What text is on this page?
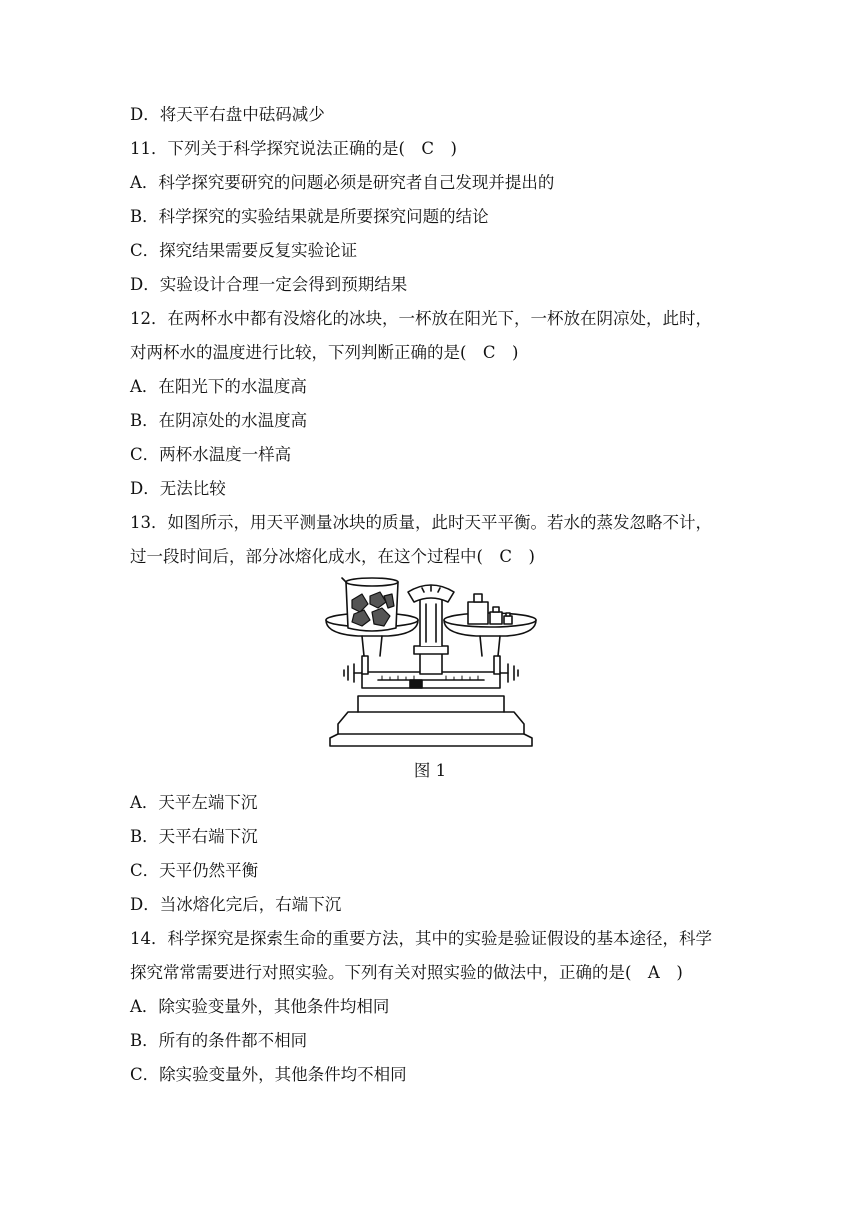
D．将天平右盘中砝码减少
11．下列关于科学探究说法正确的是(　C　)
A．科学探究要研究的问题必须是研究者自己发现并提出的
B．科学探究的实验结果就是所要探究问题的结论
C．探究结果需要反复实验论证
D．实验设计合理一定会得到预期结果
12．在两杯水中都有没熔化的冰块，一杯放在阳光下，一杯放在阴凉处，此时，
对两杯水的温度进行比较，下列判断正确的是(　C　)
A．在阳光下的水温度高
B．在阴凉处的水温度高
C．两杯水温度一样高
D．无法比较
13．如图所示，用天平测量冰块的质量，此时天平平衡。若水的蒸发忽略不计，
过一段时间后，部分冰熔化成水，在这个过程中(　C　)
图 1
A．天平左端下沉
B．天平右端下沉
C．天平仍然平衡
D．当冰熔化完后，右端下沉
14．科学探究是探索生命的重要方法，其中的实验是验证假设的基本途径，科学
探究常常需要进行对照实验。下列有关对照实验的做法中，正确的是(　A　)
A．除实验变量外，其他条件均相同
B．所有的条件都不相同
C．除实验变量外，其他条件均不相同
